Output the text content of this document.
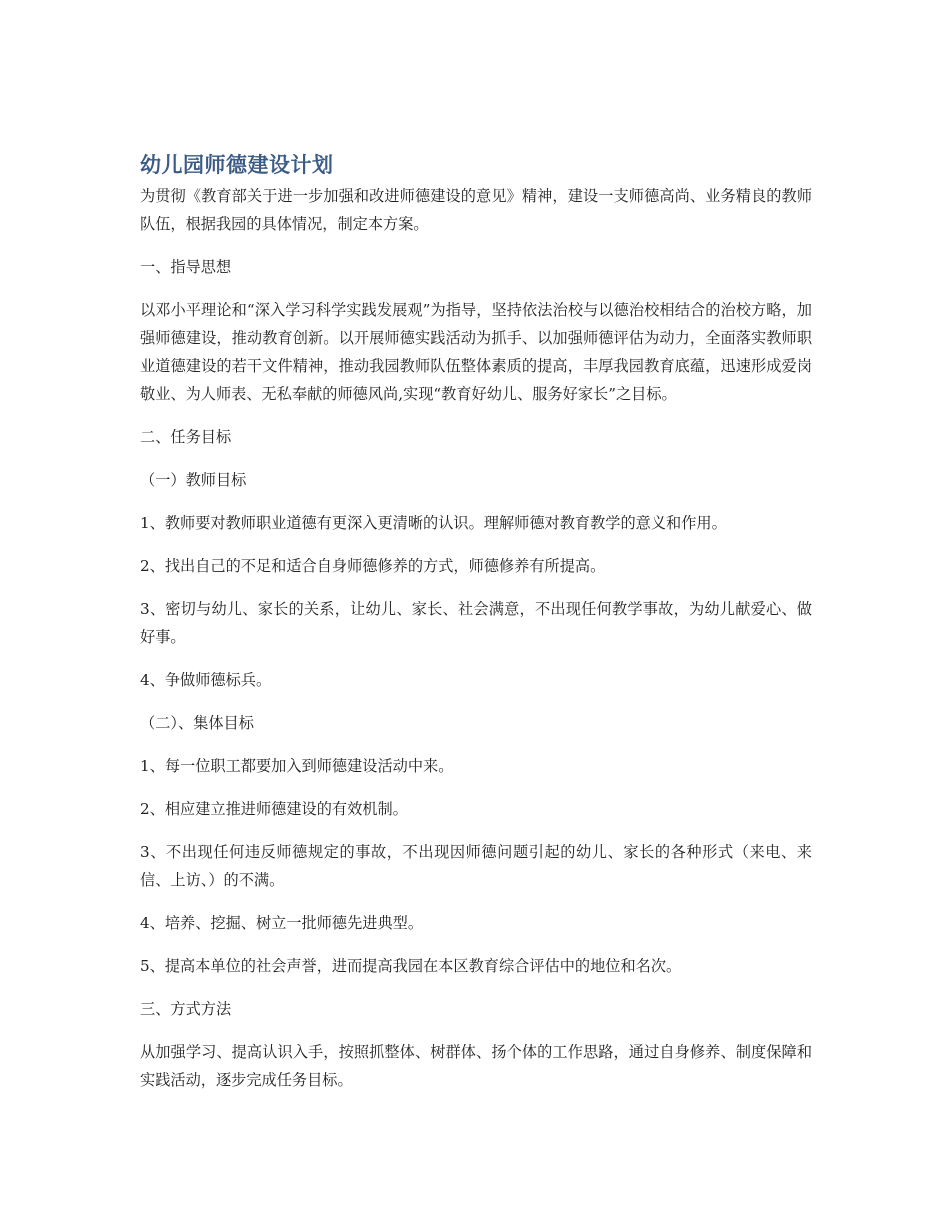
幼儿园师德建设计划

为贯彻《教育部关于进一步加强和改进师德建设的意见》精神，建设一支师德高尚、业务精良的教师队伍，根据我园的具体情况，制定本方案。

一、指导思想

以邓小平理论和“深入学习科学实践发展观”为指导，坚持依法治校与以德治校相结合的治校方略，加强师德建设，推动教育创新。以开展师德实践活动为抓手、以加强师德评估为动力，全面落实教师职业道德建设的若干文件精神，推动我园教师队伍整体素质的提高，丰厚我园教育底蕴，迅速形成爱岗敬业、为人师表、无私奉献的师德风尚,实现“教育好幼儿、服务好家长”之目标。

二、任务目标

（一）教师目标

1、教师要对教师职业道德有更深入更清晰的认识。理解师德对教育教学的意义和作用。

2、找出自己的不足和适合自身师德修养的方式，师德修养有所提高。

3、密切与幼儿、家长的关系，让幼儿、家长、社会满意，不出现任何教学事故，为幼儿献爱心、做好事。

4、争做师德标兵。

（二）、集体目标

1、每一位职工都要加入到师德建设活动中来。

2、相应建立推进师德建设的有效机制。

3、不出现任何违反师德规定的事故，不出现因师德问题引起的幼儿、家长的各种形式（来电、来信、上访、）的不满。

4、培养、挖掘、树立一批师德先进典型。

5、提高本单位的社会声誉，进而提高我园在本区教育综合评估中的地位和名次。

三、方式方法

从加强学习、提高认识入手，按照抓整体、树群体、扬个体的工作思路，通过自身修养、制度保障和实践活动，逐步完成任务目标。
